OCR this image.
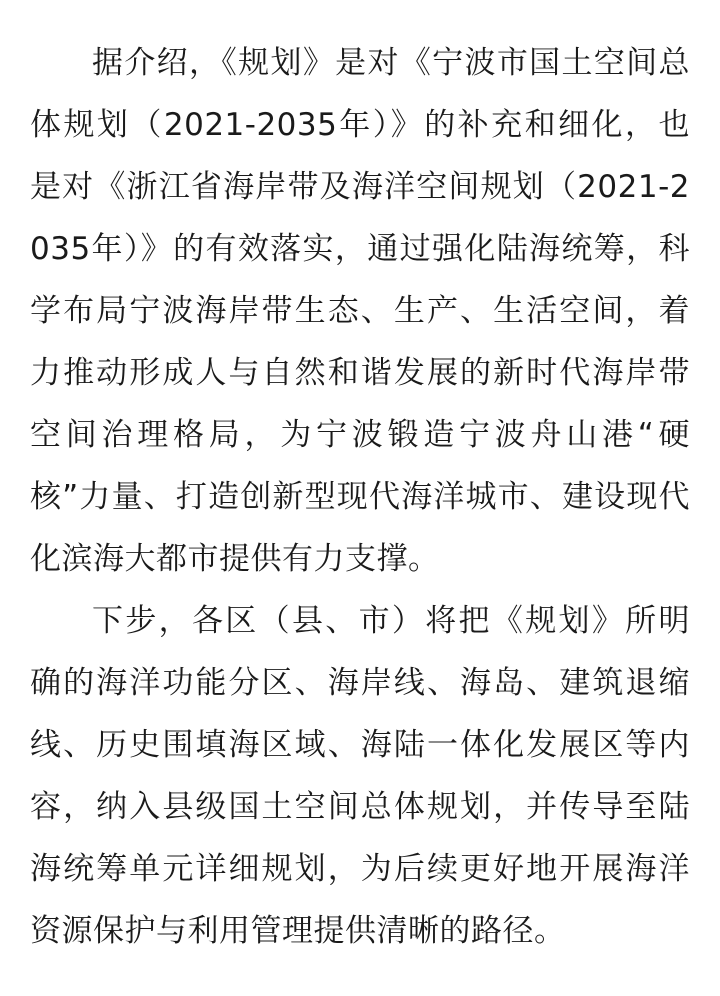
据介绍，《规划》是对《宁波市国土空间总体规划（2021-2035年）》的补充和细化，也是对《浙江省海岸带及海洋空间规划（2021-2035年）》的有效落实，通过强化陆海统筹，科学布局宁波海岸带生态、生产、生活空间，着力推动形成人与自然和谐发展的新时代海岸带空间治理格局，为宁波锻造宁波舟山港“硬核”力量、打造创新型现代海洋城市、建设现代化滨海大都市提供有力支撑。

下步，各区（县、市）将把《规划》所明确的海洋功能分区、海岸线、海岛、建筑退缩线、历史围填海区域、海陆一体化发展区等内容，纳入县级国土空间总体规划，并传导至陆海统筹单元详细规划，为后续更好地开展海洋资源保护与利用管理提供清晰的路径。
